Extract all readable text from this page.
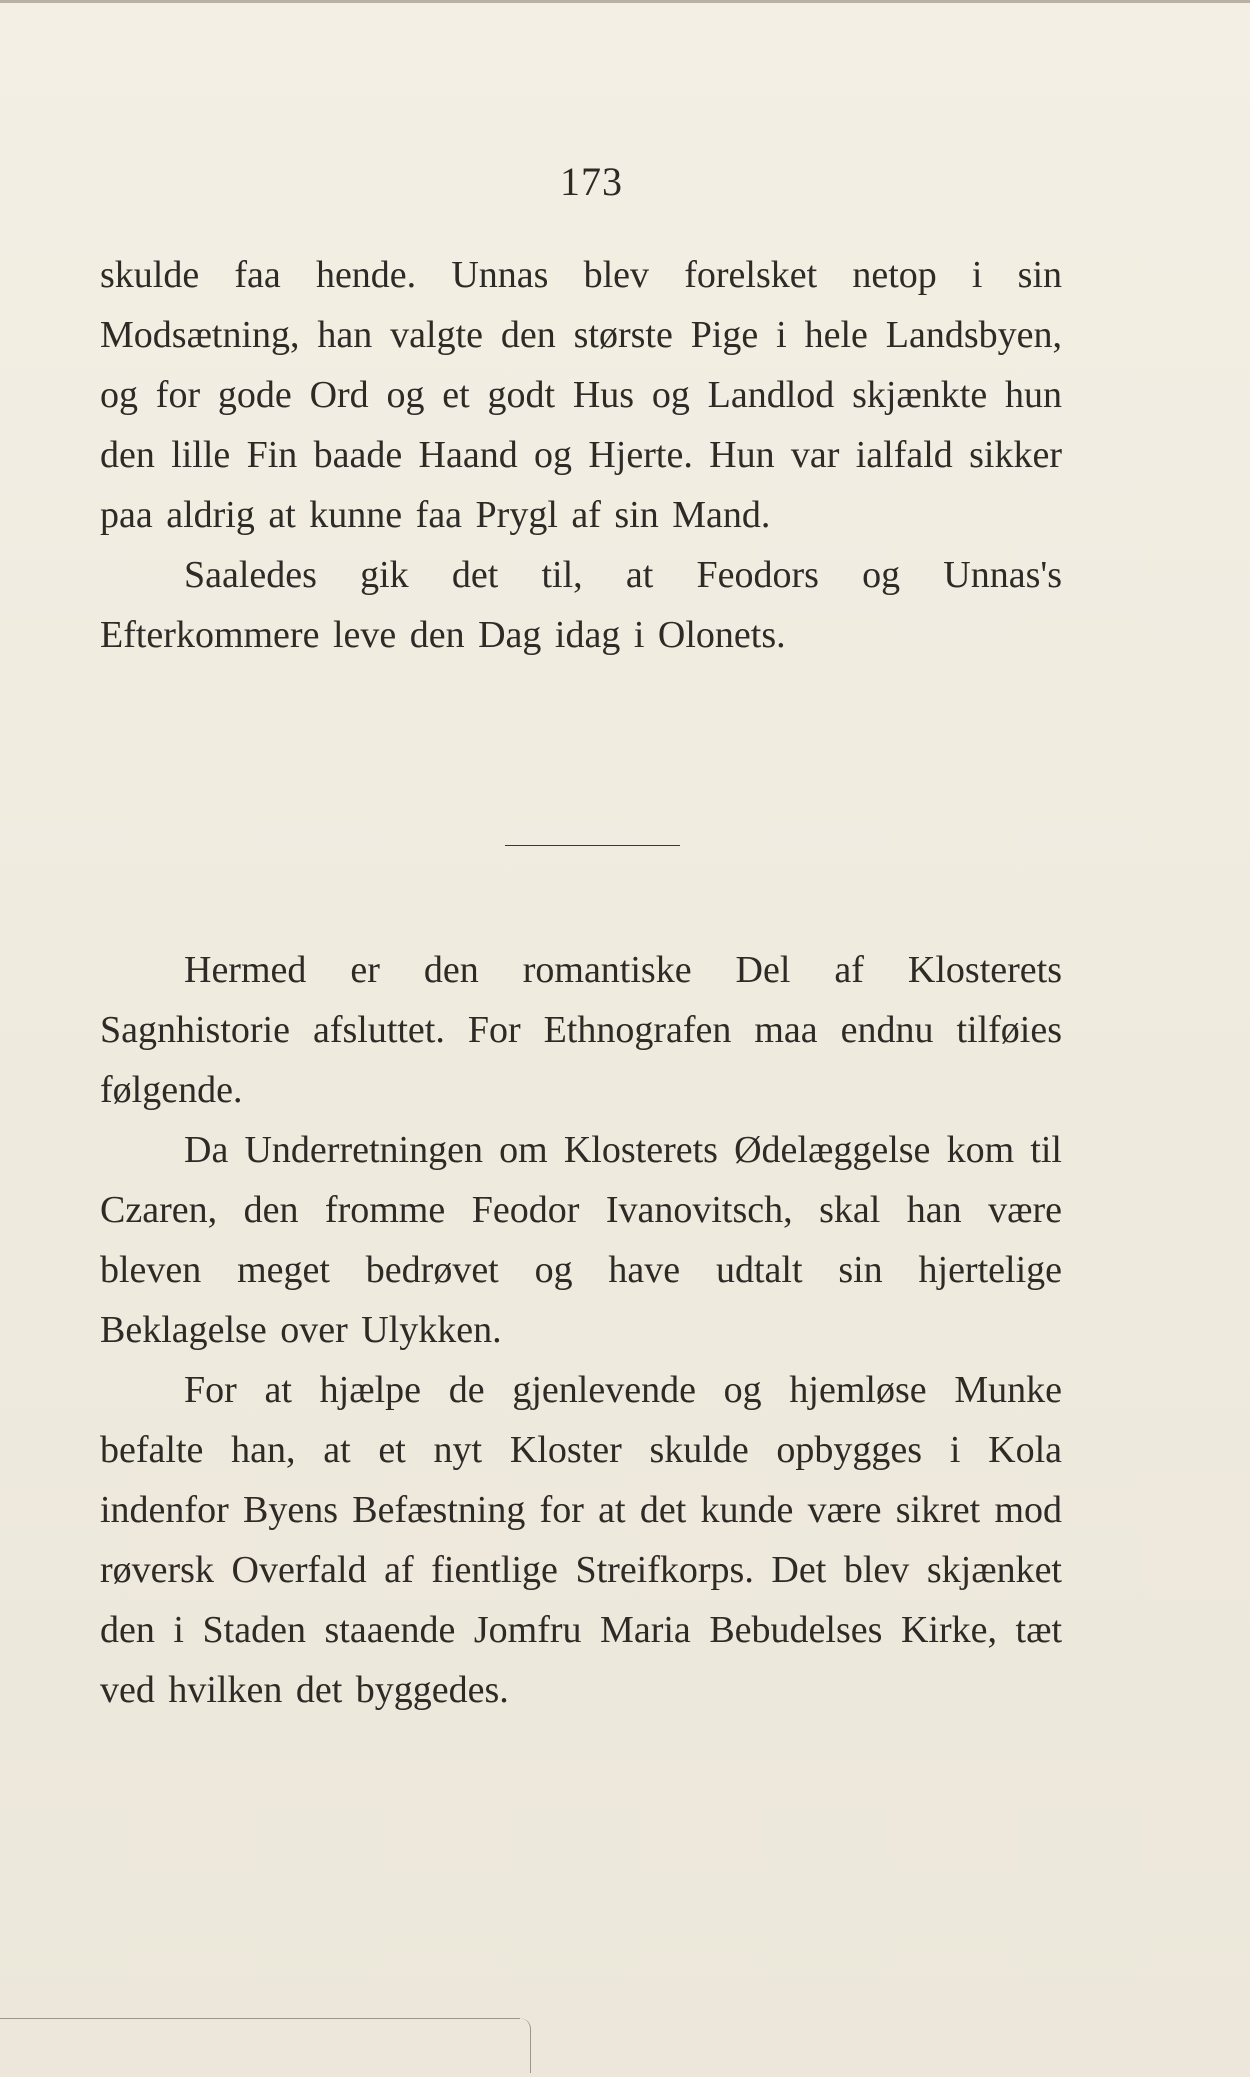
173

skulde faa hende. Unnas blev forelsket netop i sin Modsætning, han valgte den største Pige i hele Landsbyen, og for gode Ord og et godt Hus og Landlod skjænkte hun den lille Fin baade Haand og Hjerte. Hun var ialfald sikker paa aldrig at kunne faa Prygl af sin Mand.

Saaledes gik det til, at Feodors og Unnas's Efterkommere leve den Dag idag i Olonets.

Hermed er den romantiske Del af Klosterets Sagnhistorie afsluttet. For Ethnografen maa endnu tilføies følgende.

Da Underretningen om Klosterets Ødelæggelse kom til Czaren, den fromme Feodor Ivanovitsch, skal han være bleven meget bedrøvet og have udtalt sin hjertelige Beklagelse over Ulykken.

For at hjælpe de gjenlevende og hjemløse Munke befalte han, at et nyt Kloster skulde opbygges i Kola indenfor Byens Befæstning for at det kunde være sikret mod røversk Overfald af fientlige Streifkorps. Det blev skjænket den i Staden staaende Jomfru Maria Bebudelses Kirke, tæt ved hvilken det byggedes.
